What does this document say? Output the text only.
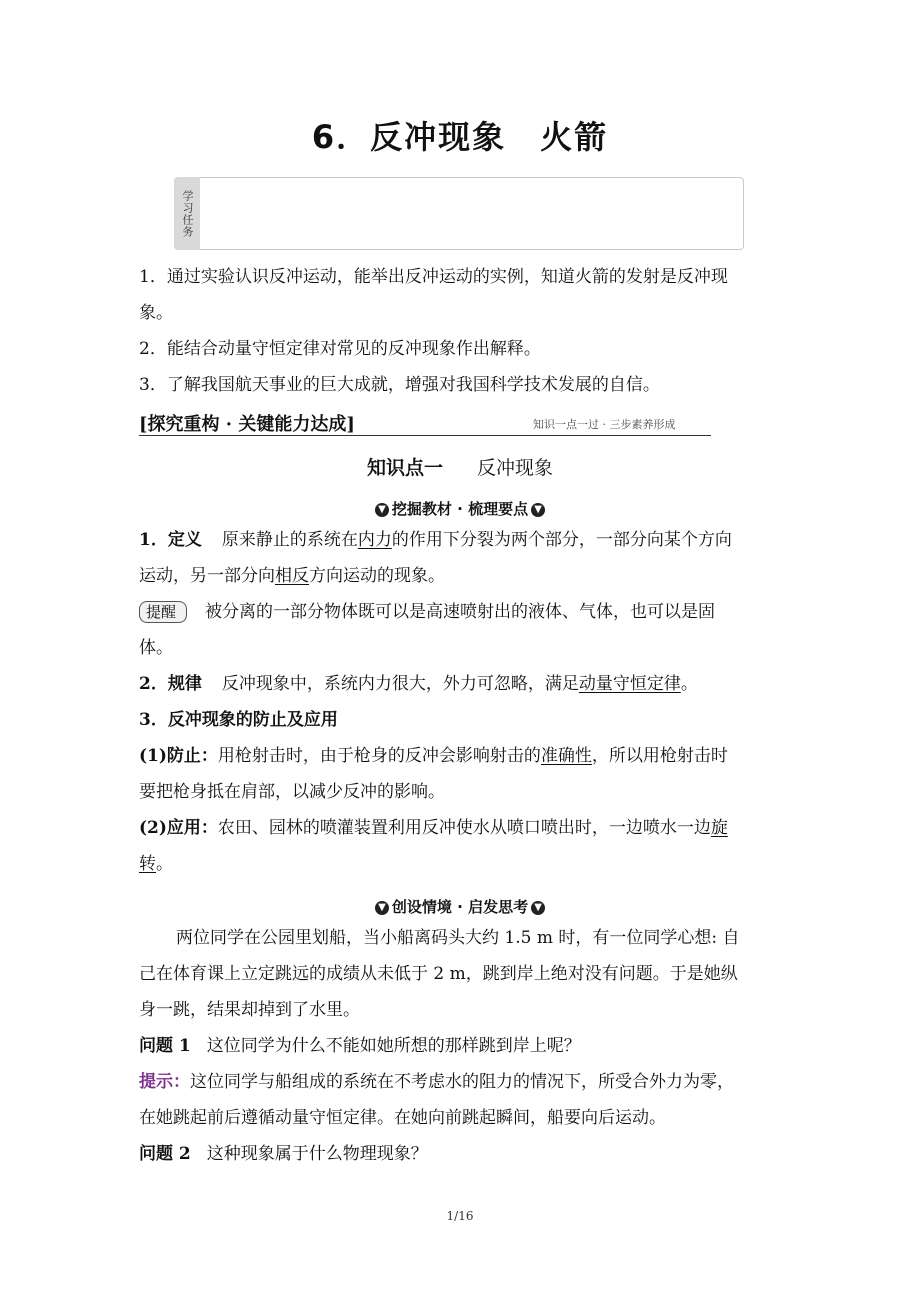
6．反冲现象　火箭
学习任务
1．通过实验认识反冲运动，能举出反冲运动的实例，知道火箭的发射是反冲现
象。
2．能结合动量守恒定律对常见的反冲现象作出解释。
3．了解我国航天事业的巨大成就，增强对我国科学技术发展的自信。
[探究重构 · 关键能力达成]	知识一点一过 · 三步素养形成
知识点一 反冲现象
▼ 挖掘教材 · 梳理要点 ▼
1．定义 原来静止的系统在内力的作用下分裂为两个部分，一部分向某个方向
运动，另一部分向相反方向运动的现象。
提醒 被分离的一部分物体既可以是高速喷射出的液体、气体，也可以是固
体。
2．规律 反冲现象中，系统内力很大，外力可忽略，满足动量守恒定律。
3．反冲现象的防止及应用
(1)防止：用枪射击时，由于枪身的反冲会影响射击的准确性，所以用枪射击时
要把枪身抵在肩部，以减少反冲的影响。
(2)应用：农田、园林的喷灌装置利用反冲使水从喷口喷出时，一边喷水一边旋
转。
▼ 创设情境 · 启发思考 ▼
两位同学在公园里划船，当小船离码头大约 1.5 m 时，有一位同学心想: 自
己在体育课上立定跳远的成绩从未低于 2 m，跳到岸上绝对没有问题。于是她纵
身一跳，结果却掉到了水里。
问题 1 这位同学为什么不能如她所想的那样跳到岸上呢？
提示：这位同学与船组成的系统在不考虑水的阻力的情况下，所受合外力为零，
在她跳起前后遵循动量守恒定律。在她向前跳起瞬间，船要向后运动。
问题 2 这种现象属于什么物理现象？
1/16
